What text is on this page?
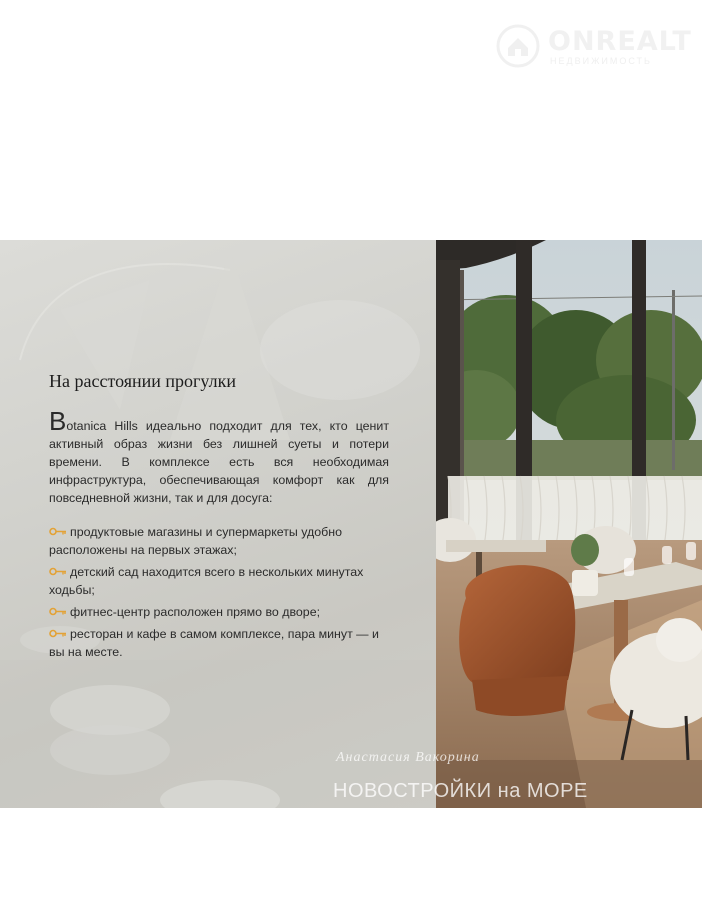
ONREALT
НЕДВИЖИМОСТЬ
На расстоянии прогулки

Botanica Hills идеально подходит для тех, кто ценит активный образ жизни без лишней суеты и потери времени. В комплексе есть вся необходимая инфраструктура, обеспечивающая комфорт как для повседневной жизни, так и для досуга:

продуктовые магазины и супермаркеты удобно расположены на первых этажах;
детский сад находится всего в нескольких минутах ходьбы;
фитнес-центр расположен прямо во дворе;
ресторан и кафе в самом комплексе, пара минут — и вы на месте.
Анастасия Вакорина
НОВОСТРОЙКИ на МОРЕ
